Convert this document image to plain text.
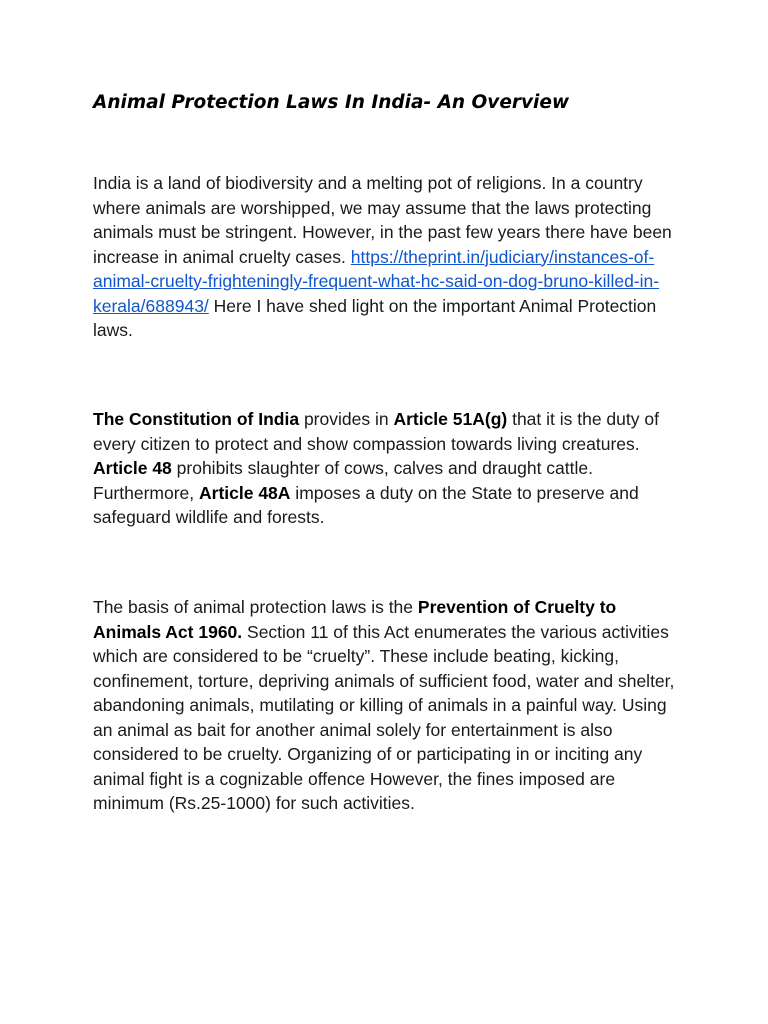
Animal Protection Laws In India- An Overview

India is a land of biodiversity and a melting pot of religions. In a country where animals are worshipped, we may assume that the laws protecting animals must be stringent. However, in the past few years there have been increase in animal cruelty cases. https://theprint.in/judiciary/instances-of-animal-cruelty-frighteningly-frequent-what-hc-said-on-dog-bruno-killed-in-kerala/688943/ Here I have shed light on the important Animal Protection laws.

The Constitution of India provides in Article 51A(g) that it is the duty of every citizen to protect and show compassion towards living creatures. Article 48 prohibits slaughter of cows, calves and draught cattle. Furthermore, Article 48A imposes a duty on the State to preserve and safeguard wildlife and forests.

The basis of animal protection laws is the Prevention of Cruelty to Animals Act 1960. Section 11 of this Act enumerates the various activities which are considered to be “cruelty”. These include beating, kicking, confinement, torture, depriving animals of sufficient food, water and shelter, abandoning animals, mutilating or killing of animals in a painful way. Using an animal as bait for another animal solely for entertainment is also considered to be cruelty. Organizing of or participating in or inciting any animal fight is a cognizable offence However, the fines imposed are minimum (Rs.25-1000) for such activities.
